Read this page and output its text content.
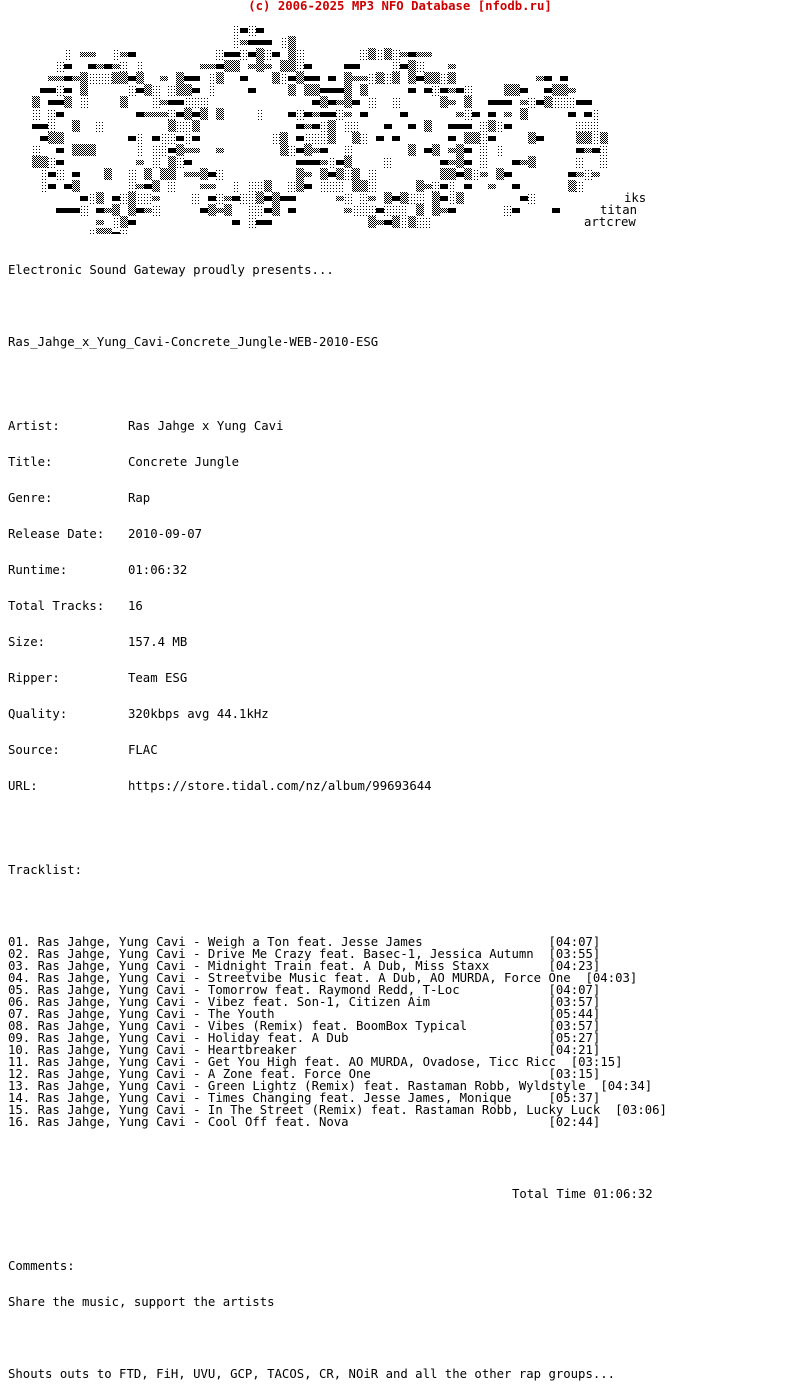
(c) 2006-2025 MP3 NFO Database [nfodb.ru]
iks
titan
artcrew

Electronic Sound Gateway proudly presents...

Ras_Jahge_x_Yung_Cavi-Concrete_Jungle-WEB-2010-ESG

Artist:	Ras Jahge x Yung Cavi

Title:	Concrete Jungle

Genre:	Rap

Release Date: 2010-09-07

Runtime:	01:06:32

Total Tracks: 16

Size:	157.4 MB

Ripper:	Team ESG

Quality:	320kbps avg 44.1kHz

Source:	FLAC

URL:	https://store.tidal.com/nz/album/99693644

Tracklist:

01. Ras Jahge, Yung Cavi - Weigh a Ton feat. Jesse James	[04:07]
02. Ras Jahge, Yung Cavi - Drive Me Crazy feat. Basec-1, Jessica Autumn [03:55]
03. Ras Jahge, Yung Cavi - Midnight Train feat. A Dub, Miss Staxx	[04:23]
04. Ras Jahge, Yung Cavi - Streetvibe Music feat. A Dub, AO MURDA, Force One [04:03]
05. Ras Jahge, Yung Cavi - Tomorrow feat. Raymond Redd, T-Loc	[04:07]
06. Ras Jahge, Yung Cavi - Vibez feat. Son-1, Citizen Aim	[03:57]
07. Ras Jahge, Yung Cavi - The Youth	[05:44]
08. Ras Jahge, Yung Cavi - Vibes (Remix) feat. BoomBox Typical	[03:57]
09. Ras Jahge, Yung Cavi - Holiday feat. A Dub	[05:27]
10. Ras Jahge, Yung Cavi - Heartbreaker	[04:21]
11. Ras Jahge, Yung Cavi - Get You High feat. AO MURDA, Ovadose, Ticc Ricc [03:15]
12. Ras Jahge, Yung Cavi - A Zone feat. Force One	[03:15]
13. Ras Jahge, Yung Cavi - Green Lightz (Remix) feat. Rastaman Robb, Wyldstyle [04:34]
14. Ras Jahge, Yung Cavi - Times Changing feat. Jesse James, Monique	[05:37]
15. Ras Jahge, Yung Cavi - In The Street (Remix) feat. Rastaman Robb, Lucky Luck [03:06]
16. Ras Jahge, Yung Cavi - Cool Off feat. Nova	[02:44]

Total Time 01:06:32

Comments:

Share the music, support the artists

Shouts outs to FTD, FiH, UVU, GCP, TACOS, CR, NOiR and all the other rap groups...
